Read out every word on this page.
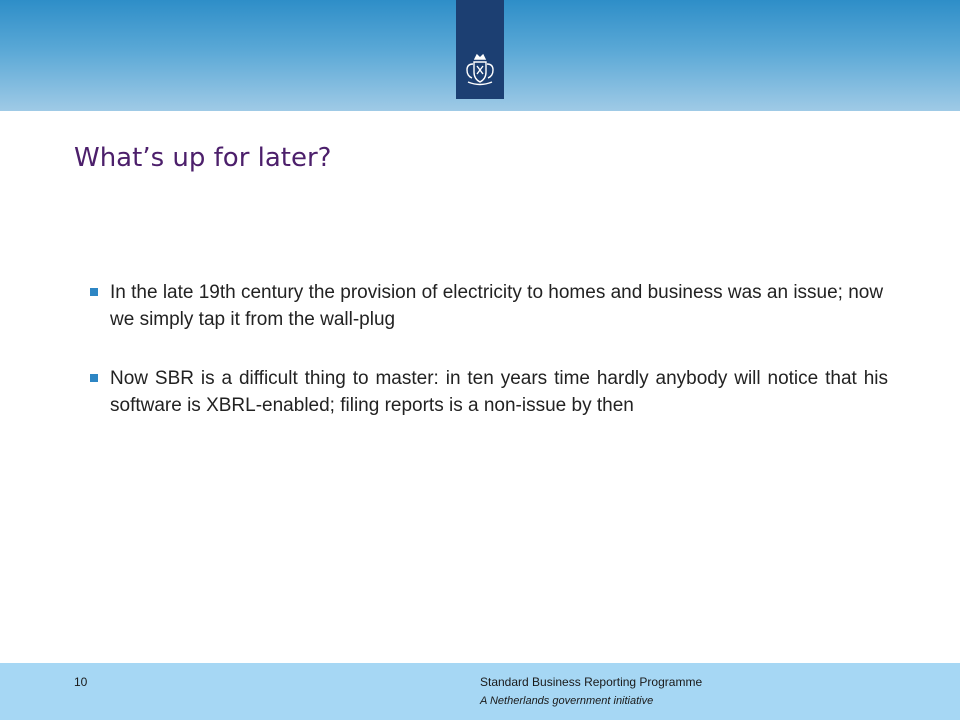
What’s up for later?
In the late 19th century the provision of electricity to homes and business was an issue; now we simply tap it from the wall-plug
Now SBR is a difficult thing to master: in ten years time hardly anybody will notice that his software is XBRL-enabled; filing reports is a non-issue by then
10	Standard Business Reporting Programme
A Netherlands government initiative
